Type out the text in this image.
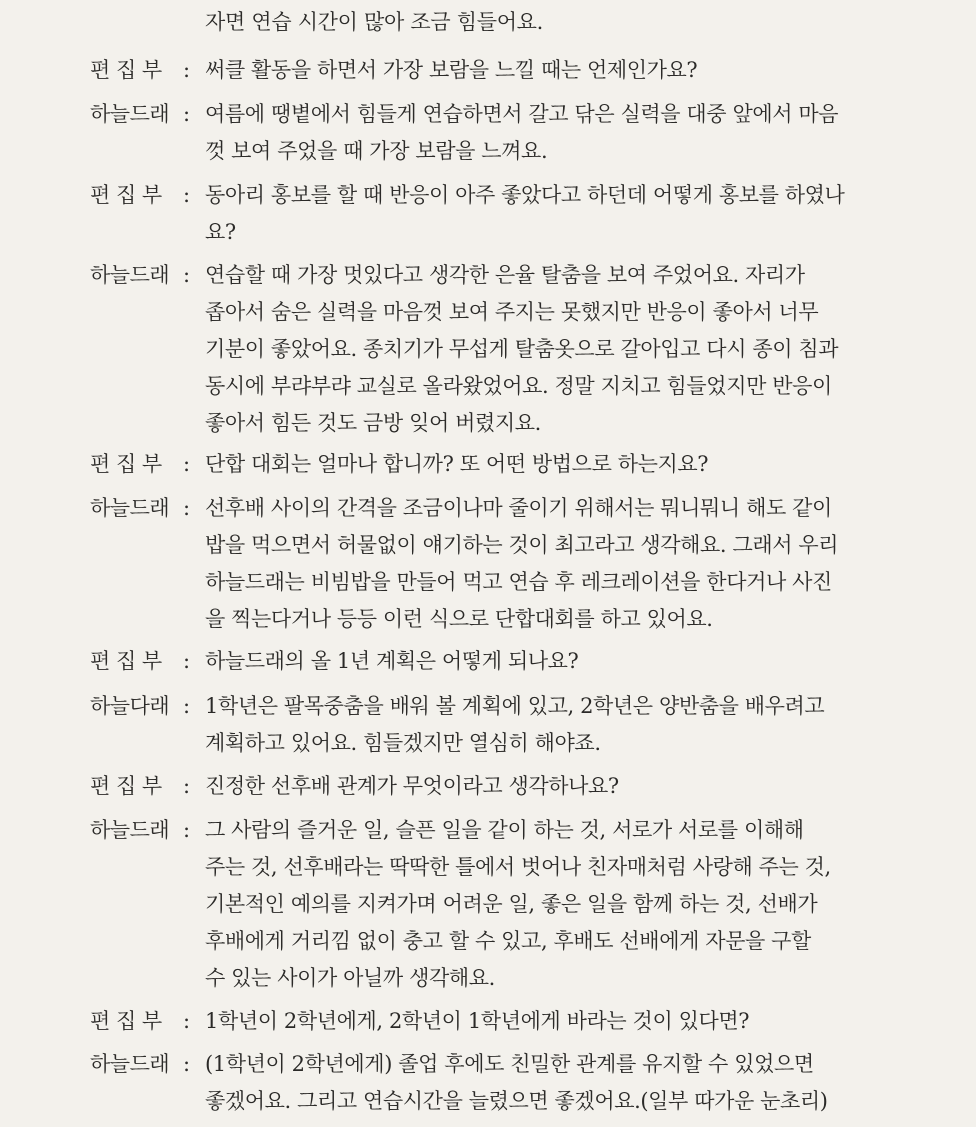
자면 연습 시간이 많아 조금 힘들어요.
편 집 부 : 써클 활동을 하면서 가장 보람을 느낄 때는 언제인가요?
하늘드래 : 여름에 땡볕에서 힘들게 연습하면서 갈고 닦은 실력을 대중 앞에서 마음
껏 보여 주었을 때 가장 보람을 느껴요.
편 집 부 : 동아리 홍보를 할 때 반응이 아주 좋았다고 하던데 어떻게 홍보를 하였나
요?
하늘드래 : 연습할 때 가장 멋있다고 생각한 은율 탈춤을 보여 주었어요. 자리가
좁아서 숨은 실력을 마음껏 보여 주지는 못했지만 반응이 좋아서 너무
기분이 좋았어요. 종치기가 무섭게 탈춤옷으로 갈아입고 다시 종이 침과
동시에 부랴부랴 교실로 올라왔었어요. 정말 지치고 힘들었지만 반응이
좋아서 힘든 것도 금방 잊어 버렸지요.
편 집 부 : 단합 대회는 얼마나 합니까? 또 어떤 방법으로 하는지요?
하늘드래 : 선후배 사이의 간격을 조금이나마 줄이기 위해서는 뭐니뭐니 해도 같이
밥을 먹으면서 허물없이 얘기하는 것이 최고라고 생각해요. 그래서 우리
하늘드래는 비빔밥을 만들어 먹고 연습 후 레크레이션을 한다거나 사진
을 찍는다거나 등등 이런 식으로 단합대회를 하고 있어요.
편 집 부 : 하늘드래의 올 1년 계획은 어떻게 되나요?
하늘다래 : 1학년은 팔목중춤을 배워 볼 계획에 있고, 2학년은 양반춤을 배우려고
계획하고 있어요. 힘들겠지만 열심히 해야죠.
편 집 부 : 진정한 선후배 관계가 무엇이라고 생각하나요?
하늘드래 : 그 사람의 즐거운 일, 슬픈 일을 같이 하는 것, 서로가 서로를 이해해
주는 것, 선후배라는 딱딱한 틀에서 벗어나 친자매처럼 사랑해 주는 것,
기본적인 예의를 지켜가며 어려운 일, 좋은 일을 함께 하는 것, 선배가
후배에게 거리낌 없이 충고 할 수 있고, 후배도 선배에게 자문을 구할
수 있는 사이가 아닐까 생각해요.
편 집 부 : 1학년이 2학년에게, 2학년이 1학년에게 바라는 것이 있다면?
하늘드래 : (1학년이 2학년에게) 졸업 후에도 친밀한 관계를 유지할 수 있었으면
좋겠어요. 그리고 연습시간을 늘렸으면 좋겠어요.(일부 따가운 눈초리)
